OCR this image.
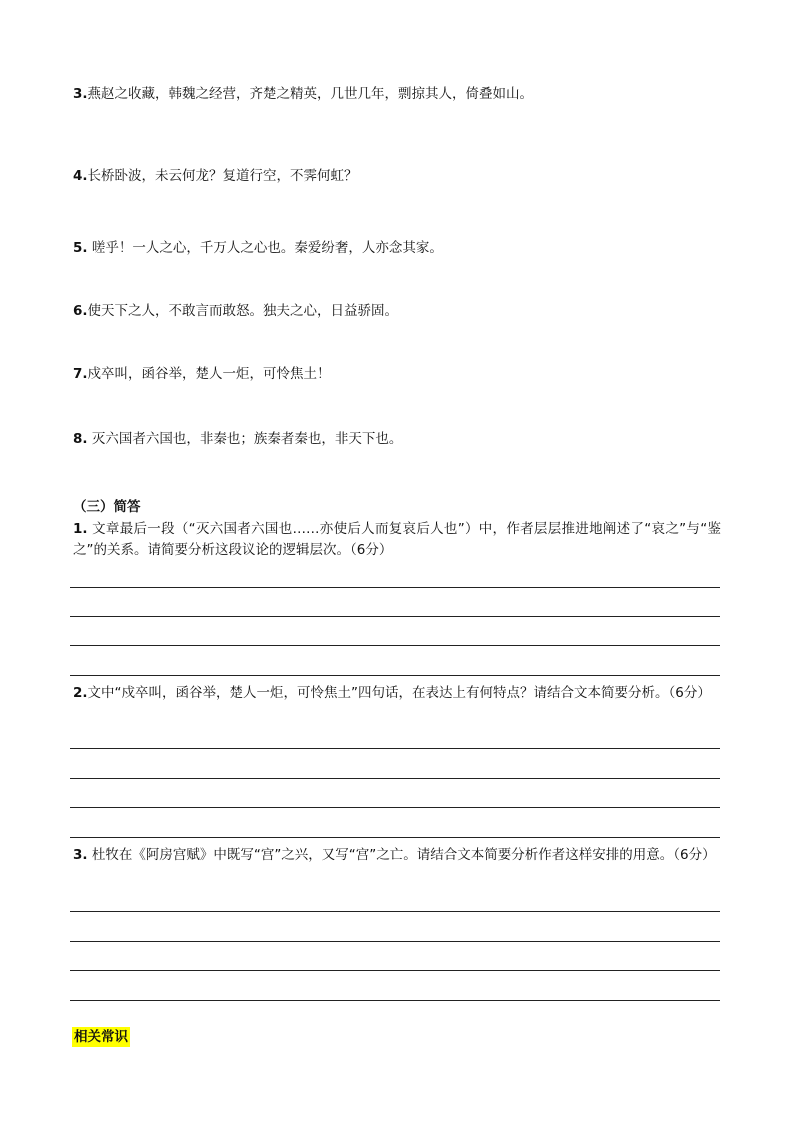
3.燕赵之收藏，韩魏之经营，齐楚之精英，几世几年，剽掠其人，倚叠如山。
4.长桥卧波，未云何龙？复道行空，不霁何虹？
5. 嗟乎！一人之心，千万人之心也。秦爱纷奢，人亦念其家。
6.使天下之人，不敢言而敢怒。独夫之心，日益骄固。
7.戍卒叫，函谷举，楚人一炬，可怜焦土！
8. 灭六国者六国也，非秦也；族秦者秦也，非天下也。
（三）简答
1. 文章最后一段（“灭六国者六国也……亦使后人而复哀后人也”）中，作者层层推进地阐述了“哀之”与“鉴之”的关系。请简要分析这段议论的逻辑层次。（6分）
2.文中“戍卒叫，函谷举，楚人一炬，可怜焦土”四句话，在表达上有何特点？请结合文本简要分析。（6分）
3. 杜牧在《阿房宫赋》中既写“宫”之兴，又写“宫”之亡。请结合文本简要分析作者这样安排的用意。（6分）
相关常识
